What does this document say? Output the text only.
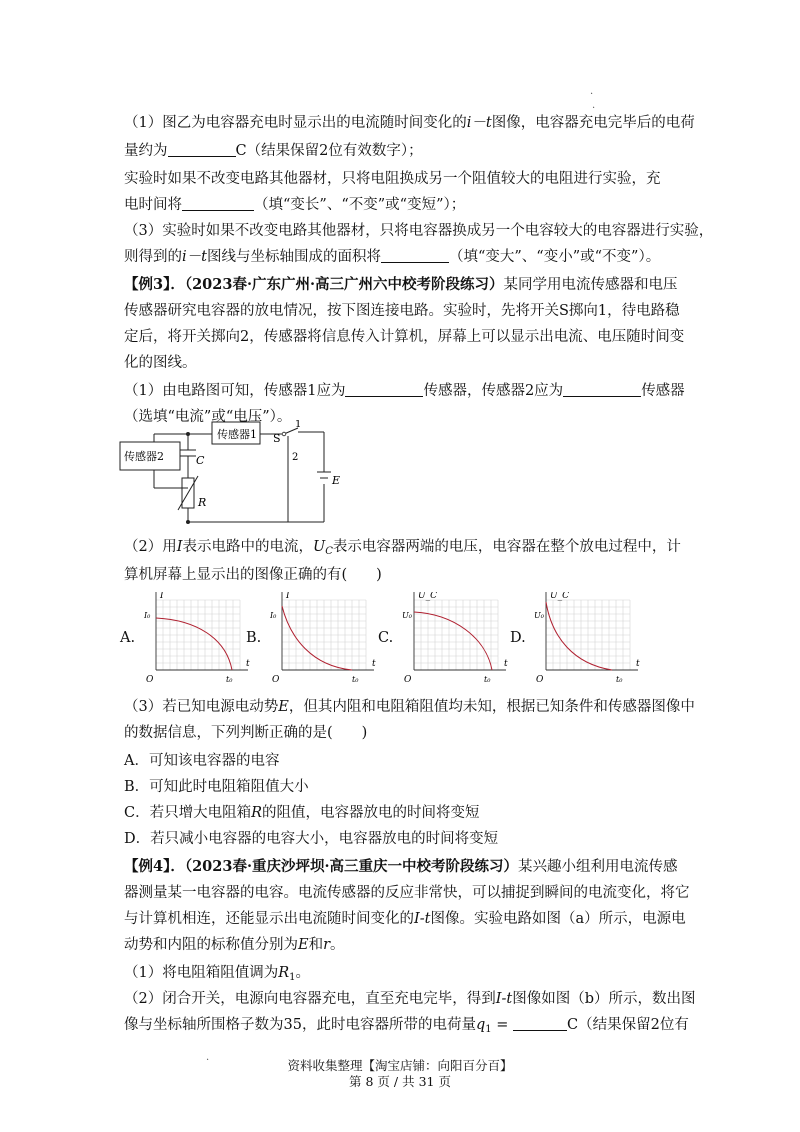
.
.
（1）图乙为电容器充电时显示出的电流随时间变化的i－t图像，电容器充电完毕后的电荷
量约为	C（结果保留2位有效数字）；
实验时如果不改变电路其他器材，只将电阻换成另一个阻值较大的电阻进行实验，充
电时间将	（填“变长”、“不变”或“变短”）；
（3）实验时如果不改变电路其他器材，只将电容器换成另一个电容较大的电容器进行实验，
则得到的i－t图线与坐标轴围成的面积将	（填“变大”、“变小”或“不变”）。
【例3】．（2023春·广东广州·高三广州六中校考阶段练习）某同学用电流传感器和电压
传感器研究电容器的放电情况，按下图连接电路。实验时，先将开关S掷向1，待电路稳
定后，将开关掷向2，传感器将信息传入计算机，屏幕上可以显示出电流、电压随时间变
化的图线。
（1）由电路图可知，传感器1应为	传感器，传感器2应为	传感器
（选填“电流”或“电压”）。
传感器1
传感器2	C
R
S
1
2
E
（2）用I表示电路中的电流，$U_C$表示电容器两端的电压，电容器在整个放电过程中，计
算机屏幕上显示出的图像正确的有(　　)
A.
I
I₀
O	t₀
t
B.
I
I₀
O	t₀
t
C.
U_C
U₀
O	t₀
t
D.
U_C
U₀
O	t₀
t
（3）若已知电源电动势E，但其内阻和电阻箱阻值均未知，根据已知条件和传感器图像中
的数据信息，下列判断正确的是(　　)
A．可知该电容器的电容
B．可知此时电阻箱阻值大小
C．若只增大电阻箱R的阻值，电容器放电的时间将变短
D．若只减小电容器的电容大小，电容器放电的时间将变短
【例4】．（2023春·重庆沙坪坝·高三重庆一中校考阶段练习）某兴趣小组利用电流传感
器测量某一电容器的电容。电流传感器的反应非常快，可以捕捉到瞬间的电流变化，将它
与计算机相连，还能显示出电流随时间变化的I-t图像。实验电路如图（a）所示，电源电
动势和内阻的标称值分别为E和r。
（1）将电阻箱阻值调为$R_1$。
（2）闭合开关，电源向电容器充电，直至充电完毕，得到I-t图像如图（b）所示，数出图
像与坐标轴所围格子数为35，此时电容器所带的电荷量$q_1$ =	C（结果保留2位有
.
资料收集整理【淘宝店铺：向阳百分百】
第 8 页 / 共 31 页
